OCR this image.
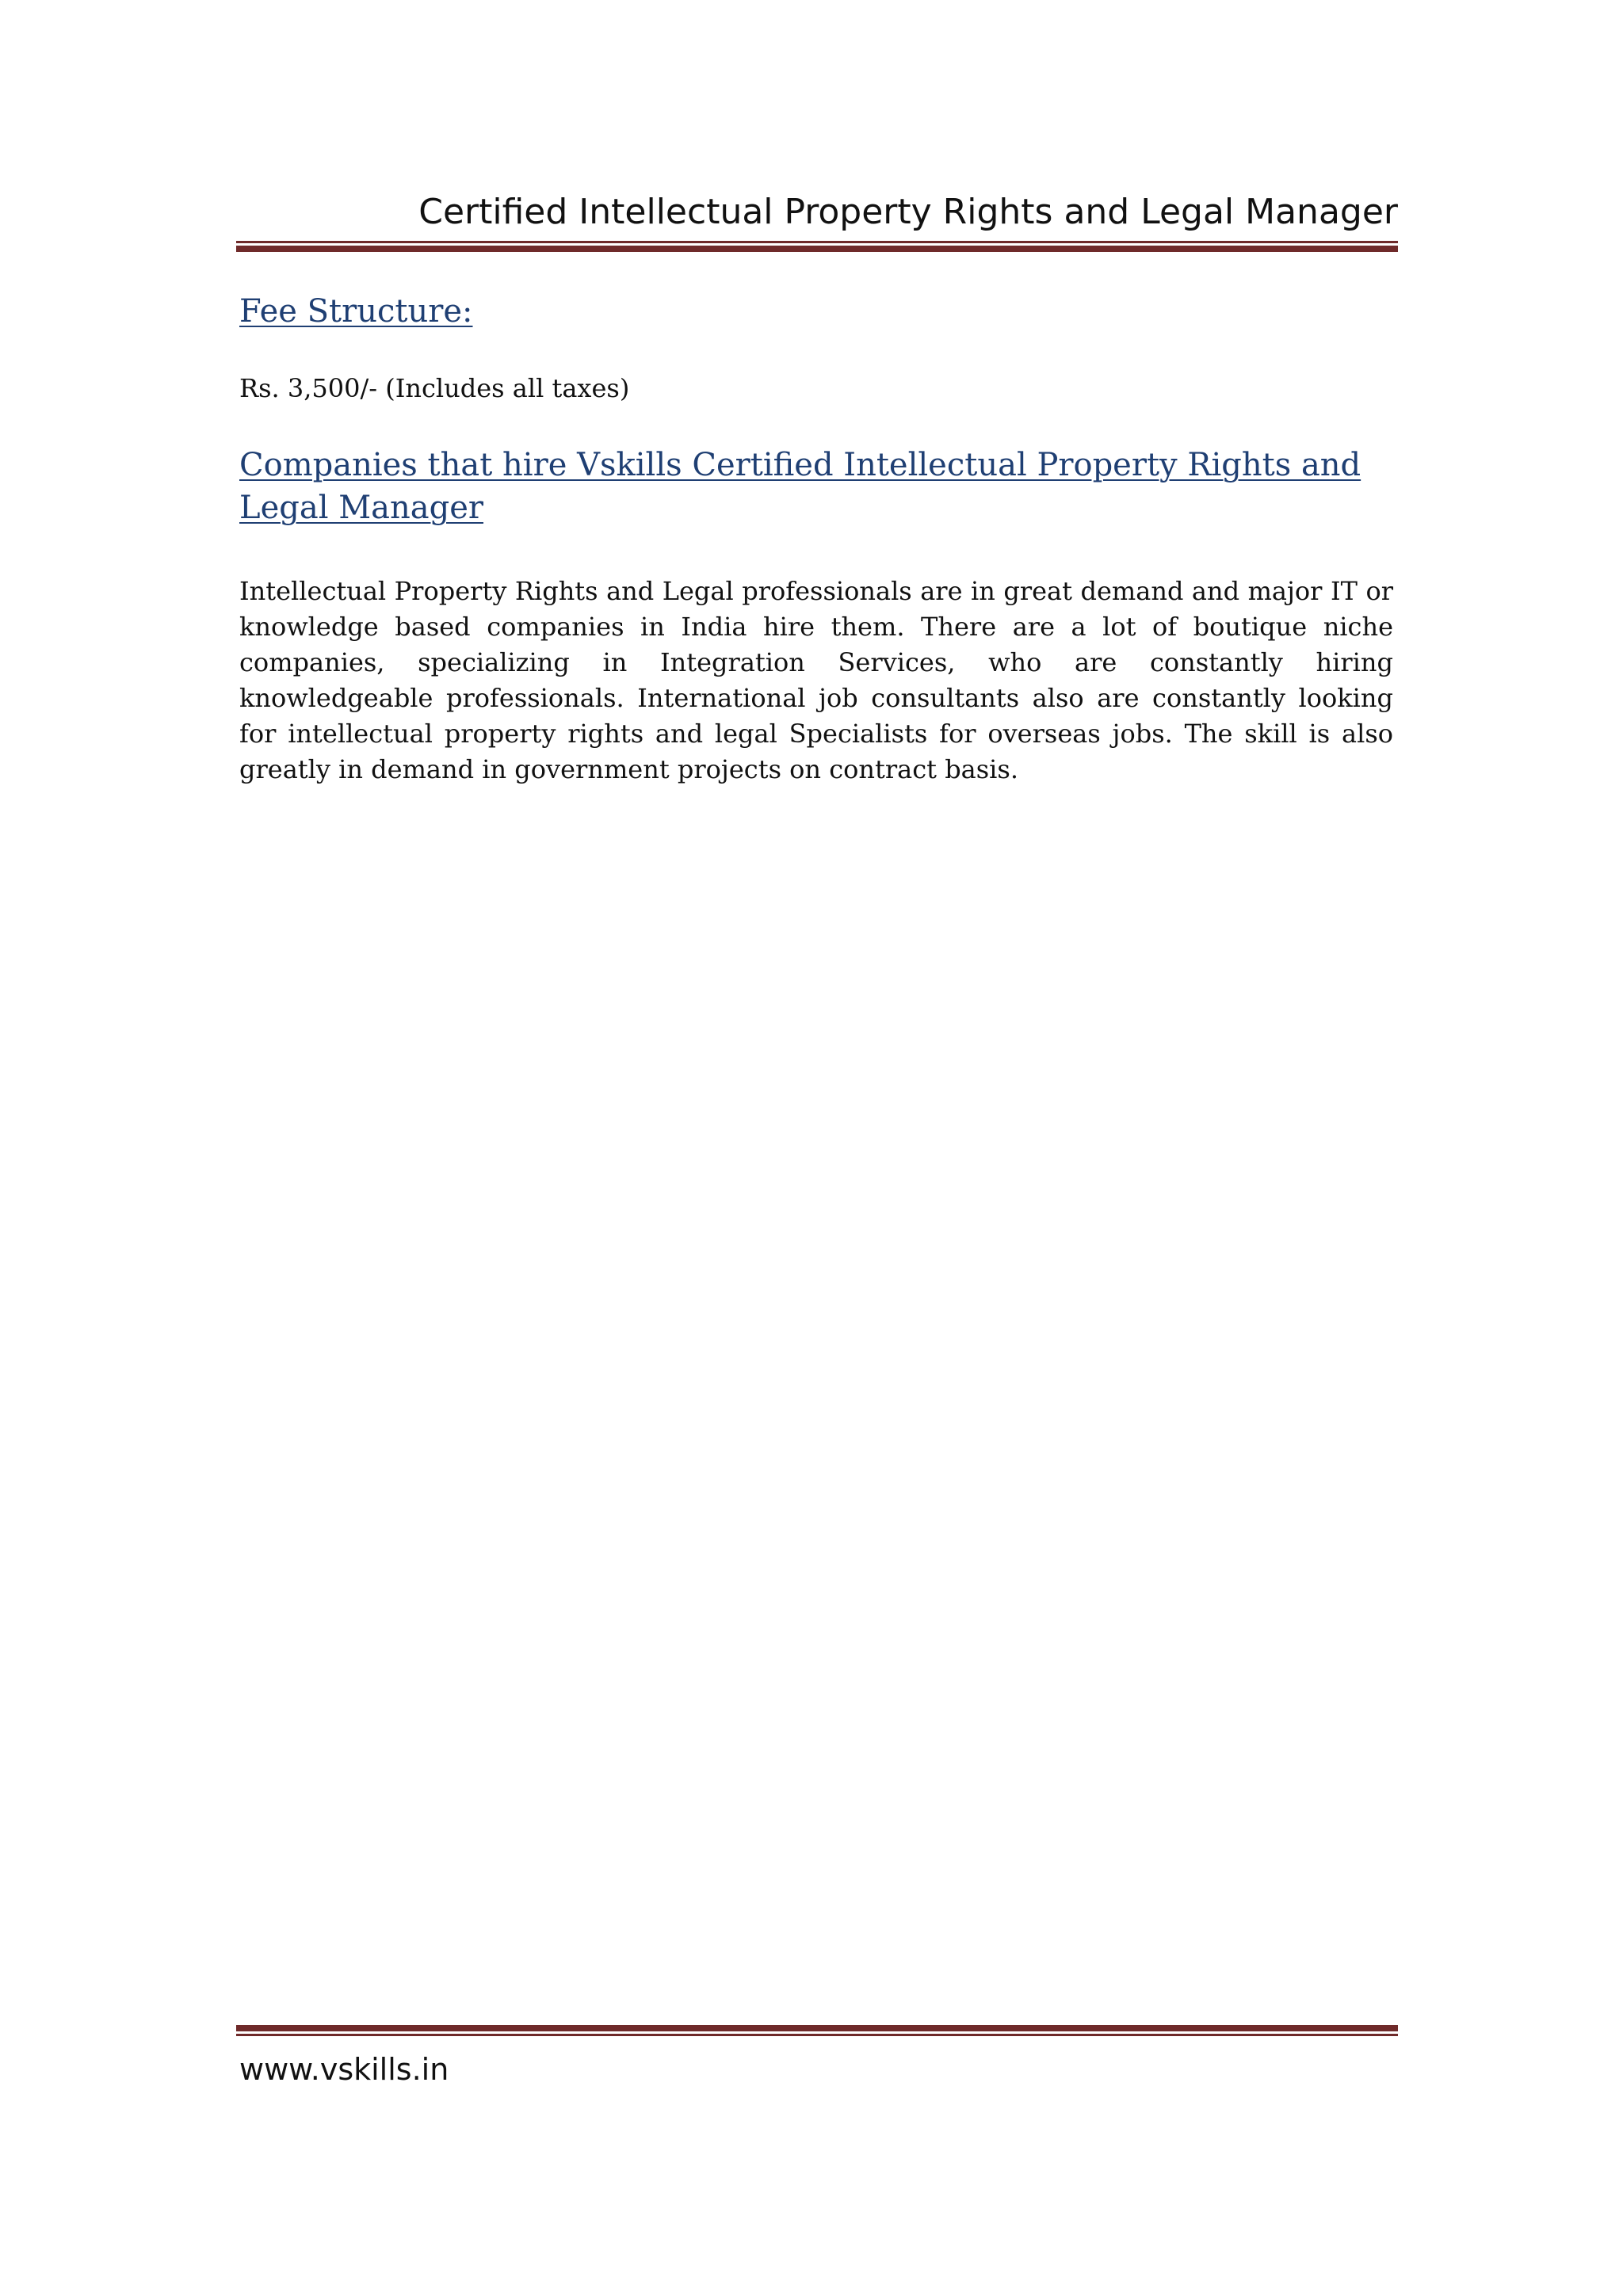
Certified Intellectual Property Rights and Legal Manager
Fee Structure:

Rs. 3,500/- (Includes all taxes)

Companies that hire Vskills Certified Intellectual Property Rights and Legal Manager

Intellectual Property Rights and Legal professionals are in great demand and major IT or knowledge based companies in India hire them. There are a lot of boutique niche companies, specializing in Integration Services, who are constantly hiring knowledgeable professionals. International job consultants also are constantly looking for intellectual property rights and legal Specialists for overseas jobs. The skill is also greatly in demand in government projects on contract basis.

www.vskills.in
